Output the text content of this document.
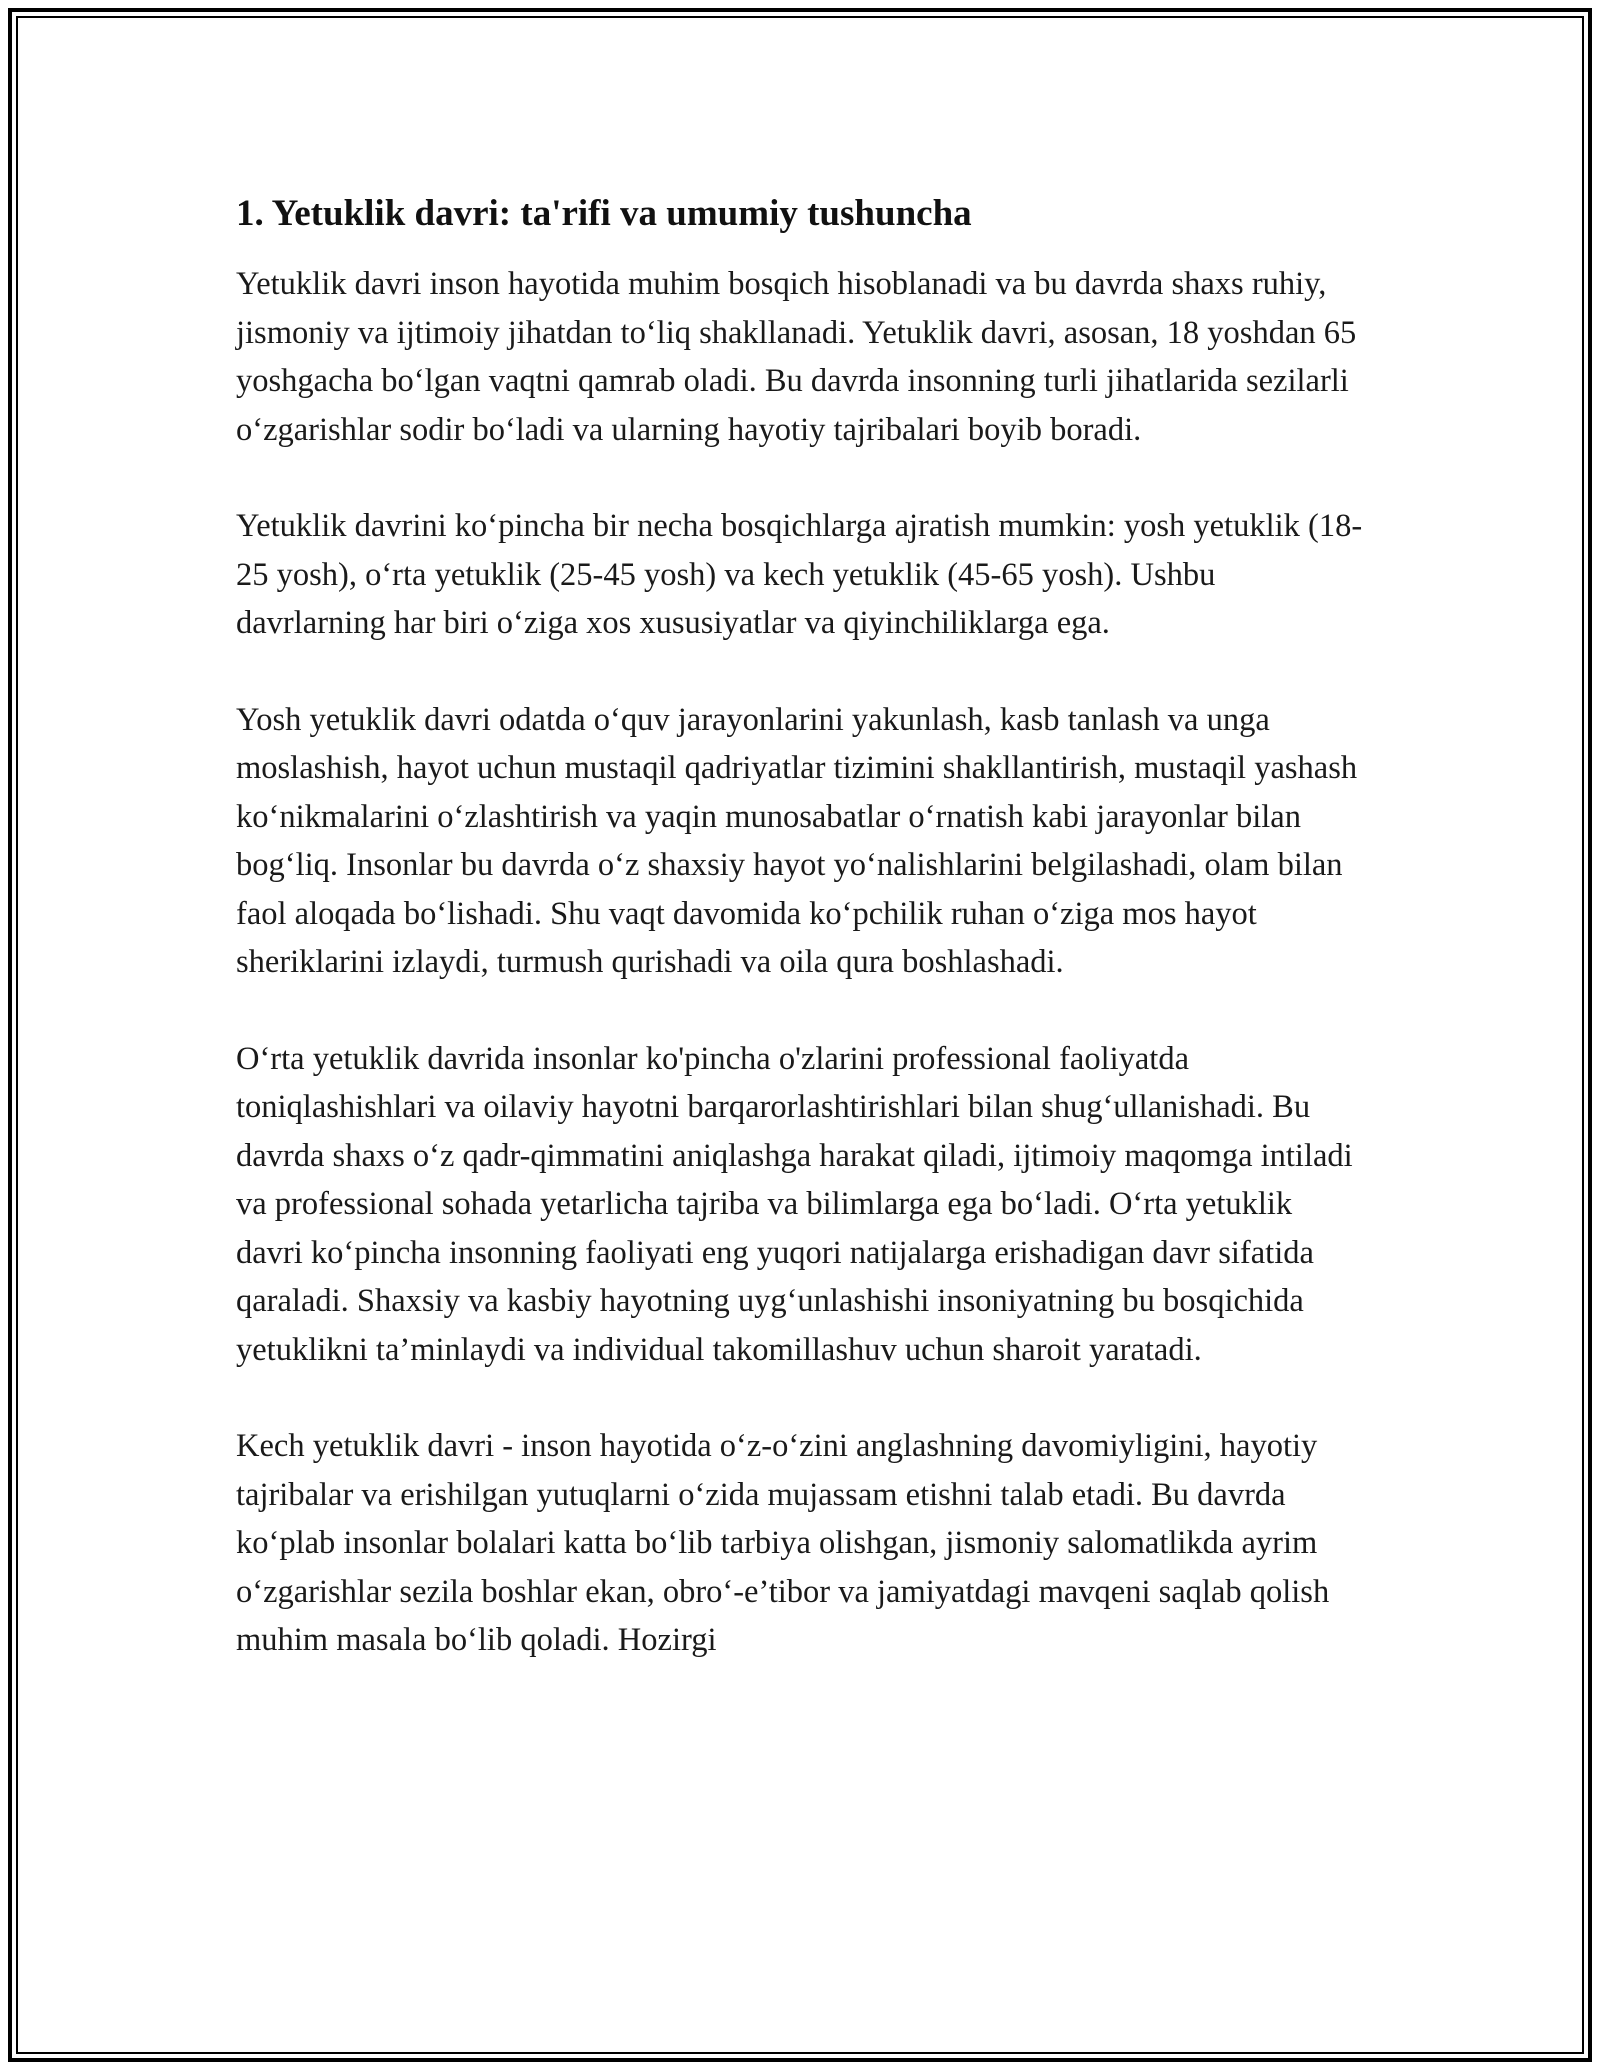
1. Yetuklik davri: ta'rifi va umumiy tushuncha

Yetuklik davri inson hayotida muhim bosqich hisoblanadi va bu davrda shaxs ruhiy, jismoniy va ijtimoiy jihatdan to‘liq shakllanadi. Yetuklik davri, asosan, 18 yoshdan 65 yoshgacha bo‘lgan vaqtni qamrab oladi. Bu davrda insonning turli jihatlarida sezilarli o‘zgarishlar sodir bo‘ladi va ularning hayotiy tajribalari boyib boradi.

Yetuklik davrini ko‘pincha bir necha bosqichlarga ajratish mumkin: yosh yetuklik (18-25 yosh), o‘rta yetuklik (25-45 yosh) va kech yetuklik (45-65 yosh). Ushbu davrlarning har biri o‘ziga xos xususiyatlar va qiyinchiliklarga ega.

Yosh yetuklik davri odatda o‘quv jarayonlarini yakunlash, kasb tanlash va unga moslashish, hayot uchun mustaqil qadriyatlar tizimini shakllantirish, mustaqil yashash ko‘nikmalarini o‘zlashtirish va yaqin munosabatlar o‘rnatish kabi jarayonlar bilan bog‘liq. Insonlar bu davrda o‘z shaxsiy hayot yo‘nalishlarini belgilashadi, olam bilan faol aloqada bo‘lishadi. Shu vaqt davomida ko‘pchilik ruhan o‘ziga mos hayot sheriklarini izlaydi, turmush qurishadi va oila qura boshlashadi.

O‘rta yetuklik davrida insonlar ko'pincha o'zlarini professional faoliyatda toniqlashishlari va oilaviy hayotni barqarorlashtirishlari bilan shug‘ullanishadi. Bu davrda shaxs o‘z qadr-qimmatini aniqlashga harakat qiladi, ijtimoiy maqomga intiladi va professional sohada yetarlicha tajriba va bilimlarga ega bo‘ladi. O‘rta yetuklik davri ko‘pincha insonning faoliyati eng yuqori natijalarga erishadigan davr sifatida qaraladi. Shaxsiy va kasbiy hayotning uyg‘unlashishi insoniyatning bu bosqichida yetuklikni ta’minlaydi va individual takomillashuv uchun sharoit yaratadi.

Kech yetuklik davri - inson hayotida o‘z-o‘zini anglashning davomiyligini, hayotiy tajribalar va erishilgan yutuqlarni o‘zida mujassam etishni talab etadi. Bu davrda ko‘plab insonlar bolalari katta bo‘lib tarbiya olishgan, jismoniy salomatlikda ayrim o‘zgarishlar sezila boshlar ekan, obro‘-e’tibor va jamiyatdagi mavqeni saqlab qolish muhim masala bo‘lib qoladi. Hozirgi
